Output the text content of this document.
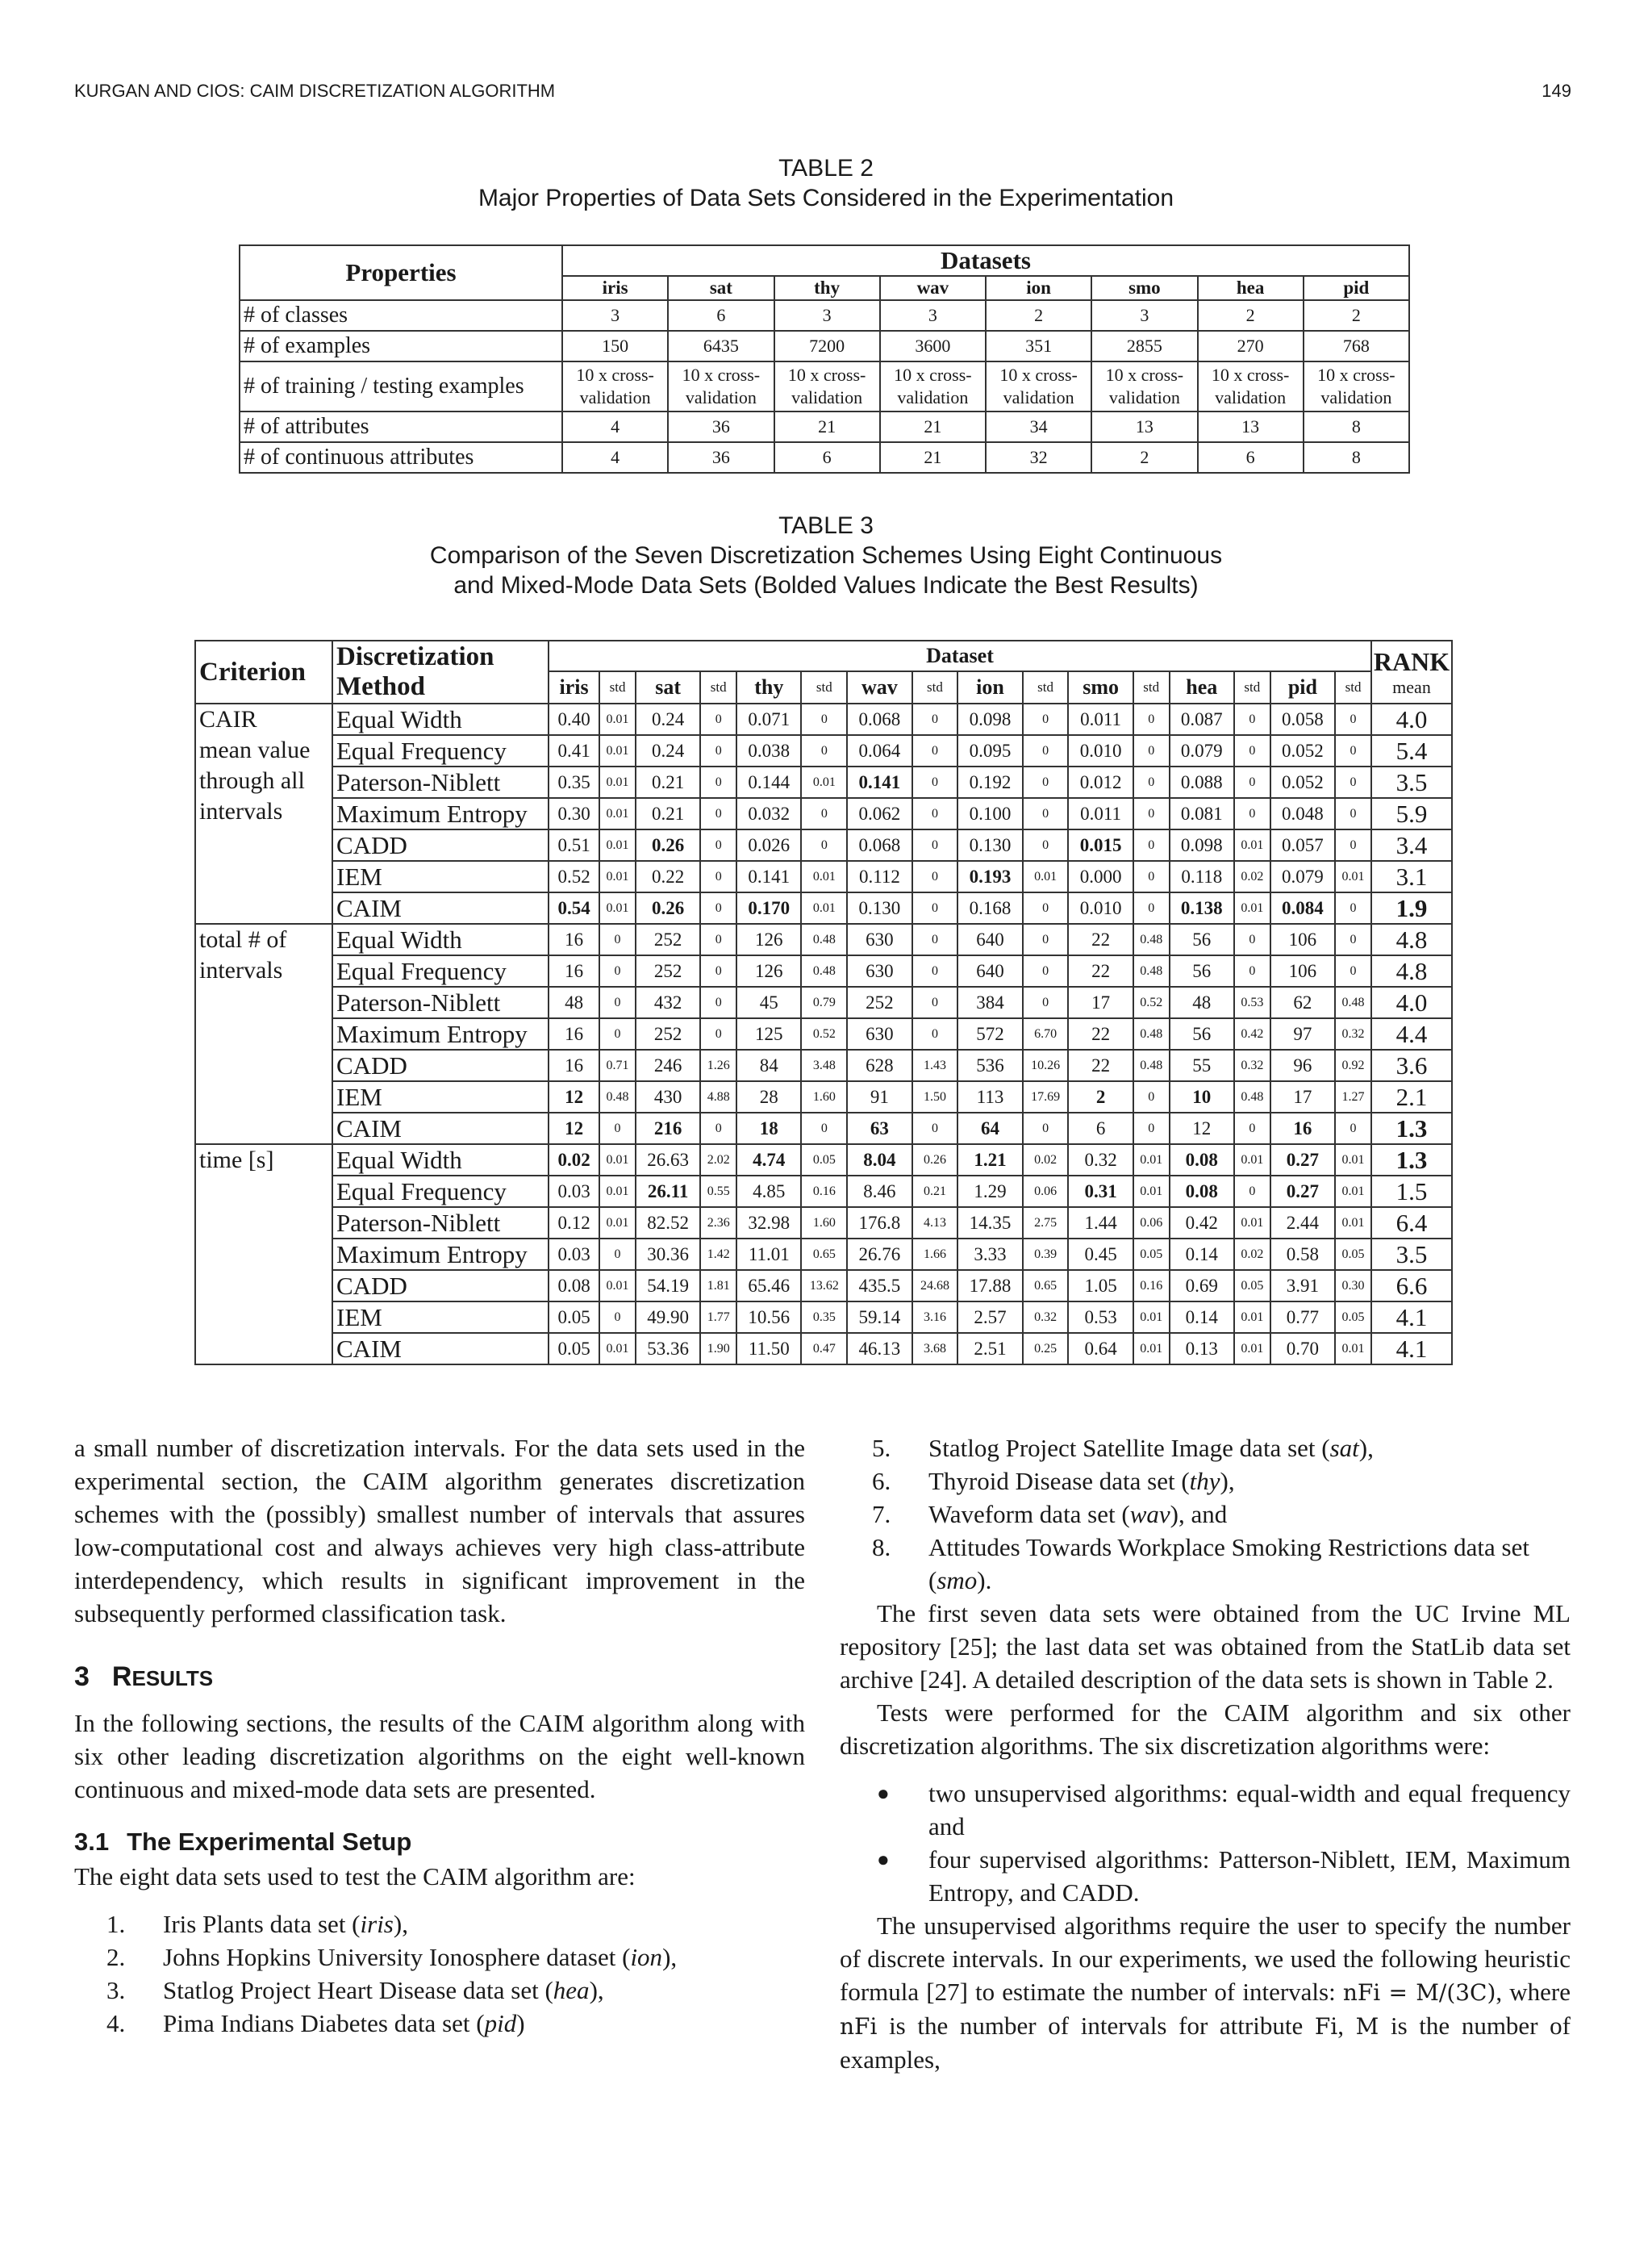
KURGAN AND CIOS: CAIM DISCRETIZATION ALGORITHM	149
TABLE 2
Major Properties of Data Sets Considered in the Experimentation
Properties	Datasets							
	iris	sat	thy	wav	ion	smo	hea	pid
# of classes	3	6	3	3	2	3	2	2
# of examples	150	6435	7200	3600	351	2855	270	768
# of training / testing examples	10 x cross-validation	10 x cross-validation	10 x cross-validation	10 x cross-validation	10 x cross-validation	10 x cross-validation	10 x cross-validation	10 x cross-validation
# of attributes	4	36	21	21	34	13	13	8
# of continuous attributes	4	36	6	21	32	2	6	8
TABLE 3
Comparison of the Seven Discretization Schemes Using Eight Continuous
and Mixed-Mode Data Sets (Bolded Values Indicate the Best Results)
Criterion	Discretization Method	Dataset																RANK
mean

		iris	std	sat	std	thy	std	wav	std	ion	std	smo	std	hea	std	pid	std	

CAIR
mean value
through all
intervals	Equal Width	0.40	0.01	0.24	0	0.071	0	0.068	0	0.098	0	0.011	0	0.087	0	0.058	0	4.0
	Equal Frequency	0.41	0.01	0.24	0	0.038	0	0.064	0	0.095	0	0.010	0	0.079	0	0.052	0	5.4
	Paterson-Niblett	0.35	0.01	0.21	0	0.144	0.01	0.141	0	0.192	0	0.012	0	0.088	0	0.052	0	3.5
	Maximum Entropy	0.30	0.01	0.21	0	0.032	0	0.062	0	0.100	0	0.011	0	0.081	0	0.048	0	5.9
	CADD	0.51	0.01	0.26	0	0.026	0	0.068	0	0.130	0	0.015	0	0.098	0.01	0.057	0	3.4
	IEM	0.52	0.01	0.22	0	0.141	0.01	0.112	0	0.193	0.01	0.000	0	0.118	0.02	0.079	0.01	3.1
	CAIM	0.54	0.01	0.26	0	0.170	0.01	0.130	0	0.168	0	0.010	0	0.138	0.01	0.084	0	1.9

total # of
intervals	Equal Width	16	0	252	0	126	0.48	630	0	640	0	22	0.48	56	0	106	0	4.8
	Equal Frequency	16	0	252	0	126	0.48	630	0	640	0	22	0.48	56	0	106	0	4.8
	Paterson-Niblett	48	0	432	0	45	0.79	252	0	384	0	17	0.52	48	0.53	62	0.48	4.0
	Maximum Entropy	16	0	252	0	125	0.52	630	0	572	6.70	22	0.48	56	0.42	97	0.32	4.4
	CADD	16	0.71	246	1.26	84	3.48	628	1.43	536	10.26	22	0.48	55	0.32	96	0.92	3.6
	IEM	12	0.48	430	4.88	28	1.60	91	1.50	113	17.69	2	0	10	0.48	17	1.27	2.1
	CAIM	12	0	216	0	18	0	63	0	64	0	6	0	12	0	16	0	1.3

time [s]	Equal Width	0.02	0.01	26.63	2.02	4.74	0.05	8.04	0.26	1.21	0.02	0.32	0.01	0.08	0.01	0.27	0.01	1.3
	Equal Frequency	0.03	0.01	26.11	0.55	4.85	0.16	8.46	0.21	1.29	0.06	0.31	0.01	0.08	0	0.27	0.01	1.5
	Paterson-Niblett	0.12	0.01	82.52	2.36	32.98	1.60	176.8	4.13	14.35	2.75	1.44	0.06	0.42	0.01	2.44	0.01	6.4
	Maximum Entropy	0.03	0	30.36	1.42	11.01	0.65	26.76	1.66	3.33	0.39	0.45	0.05	0.14	0.02	0.58	0.05	3.5
	CADD	0.08	0.01	54.19	1.81	65.46	13.62	435.5	24.68	17.88	0.65	1.05	0.16	0.69	0.05	3.91	0.30	6.6
	IEM	0.05	0	49.90	1.77	10.56	0.35	59.14	3.16	2.57	0.32	0.53	0.01	0.14	0.01	0.77	0.05	4.1
	CAIM	0.05	0.01	53.36	1.90	11.50	0.47	46.13	3.68	2.51	0.25	0.64	0.01	0.13	0.01	0.70	0.01	4.1

a small number of discretization intervals. For the data sets used in the experimental section, the CAIM algorithm generates discretization schemes with the (possibly) smallest number of intervals that assures low-computational cost and always achieves very high class-attribute interdependency, which results in significant improvement in the subsequently performed classification task.

3 RESULTS

In the following sections, the results of the CAIM algorithm along with six other leading discretization algorithms on the eight well-known continuous and mixed-mode data sets are presented.

3.1 The Experimental Setup

The eight data sets used to test the CAIM algorithm are:

1. Iris Plants data set (iris),
2. Johns Hopkins University Ionosphere dataset (ion),
3. Statlog Project Heart Disease data set (hea),
4. Pima Indians Diabetes data set (pid)
5. Statlog Project Satellite Image data set (sat),
6. Thyroid Disease data set (thy),
7. Waveform data set (wav), and
8. Attitudes Towards Workplace Smoking Restrictions data set (smo).

The first seven data sets were obtained from the UC Irvine ML repository [25]; the last data set was obtained from the StatLib data set archive [24]. A detailed description of the data sets is shown in Table 2.

Tests were performed for the CAIM algorithm and six other discretization algorithms. The six discretization algorithms were:

● two unsupervised algorithms: equal-width and equal frequency and
● four supervised algorithms: Patterson-Niblett, IEM, Maximum Entropy, and CADD.

The unsupervised algorithms require the user to specify the number of discrete intervals. In our experiments, we used the following heuristic formula [27] to estimate the number of intervals: nFi = M/(3C), where nFi is the number of intervals for attribute Fi, M is the number of examples,
